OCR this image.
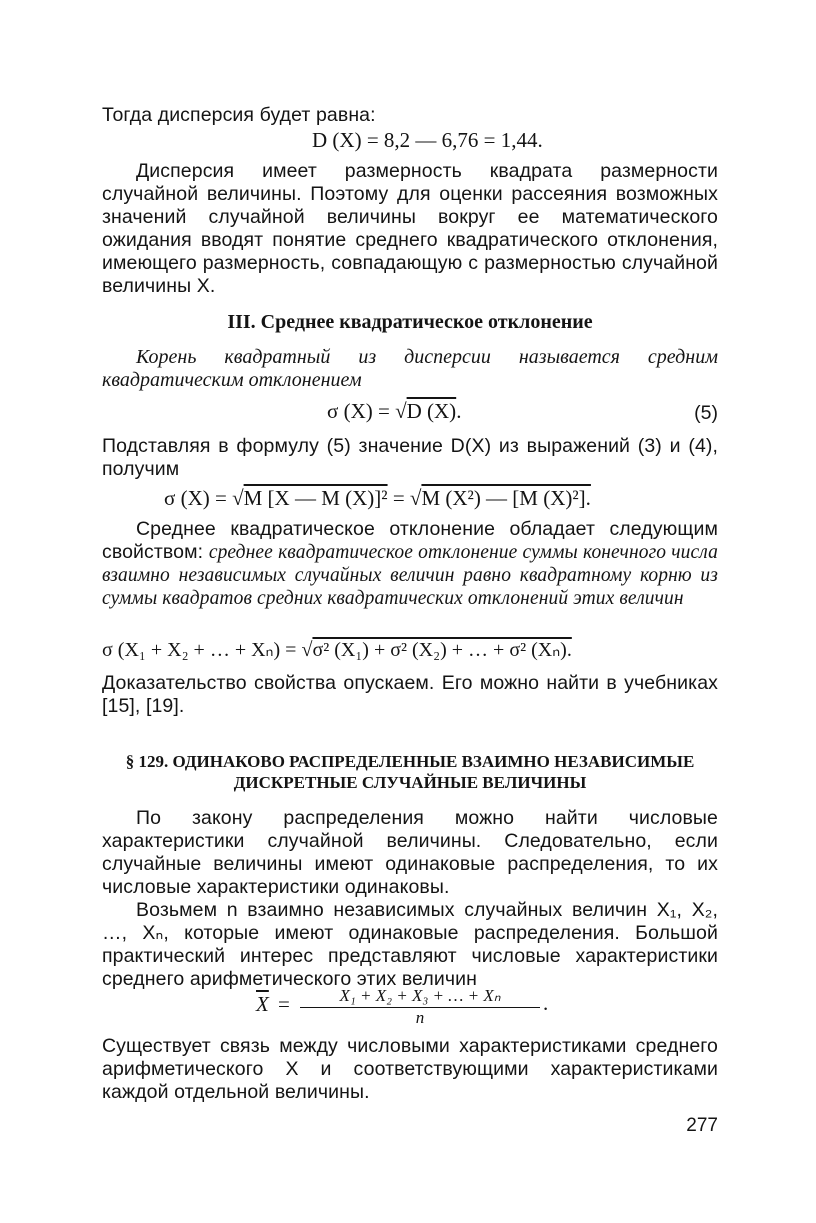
Тогда дисперсия будет равна:

D (X) = 8,2 — 6,76 = 1,44.

Дисперсия имеет размерность квадрата размерности случайной величины. Поэтому для оценки рассеяния возможных значений случайной величины вокруг ее математического ожидания вводят понятие среднего квадратического отклонения, имеющего размерность, совпадающую с размерностью случайной величины X.

III. Среднее квадратическое отклонение

Корень квадратный из дисперсии называется средним квадратическим отклонением

σ (X) = √D (X).	(5)

Подставляя в формулу (5) значение D(X) из выражений (3) и (4), получим

σ (X) = √M [X — M (X)]² = √M (X²) — [M (X)²].

Среднее квадратическое отклонение обладает следующим свойством: среднее квадратическое отклонение суммы конечного числа взаимно независимых случайных величин равно квадратному корню из суммы квадратов средних квадратических отклонений этих величин

σ (X₁ + X₂ + … + Xₙ) = √σ² (X₁) + σ² (X₂) + … + σ² (Xₙ).

Доказательство свойства опускаем. Его можно найти в учебниках [15], [19].

§ 129. ОДИНАКОВО РАСПРЕДЕЛЕННЫЕ ВЗАИМНО НЕЗАВИСИМЫЕ
ДИСКРЕТНЫЕ СЛУЧАЙНЫЕ ВЕЛИЧИНЫ

По закону распределения можно найти числовые характеристики случайной величины. Следовательно, если случайные величины имеют одинаковые распределения, то их числовые характеристики одинаковы.

Возьмем n взаимно независимых случайных величин X₁, X₂, …, Xₙ, которые имеют одинаковые распределения. Большой практический интерес представляют числовые характеристики среднего арифметического этих величин

$\overline{X} = \frac{\text{X₁ + X₂ + X₃ + … + Xₙ}}{n}$ .

Существует связь между числовыми характеристиками среднего арифметического X и соответствующими характеристиками каждой отдельной величины.

277
